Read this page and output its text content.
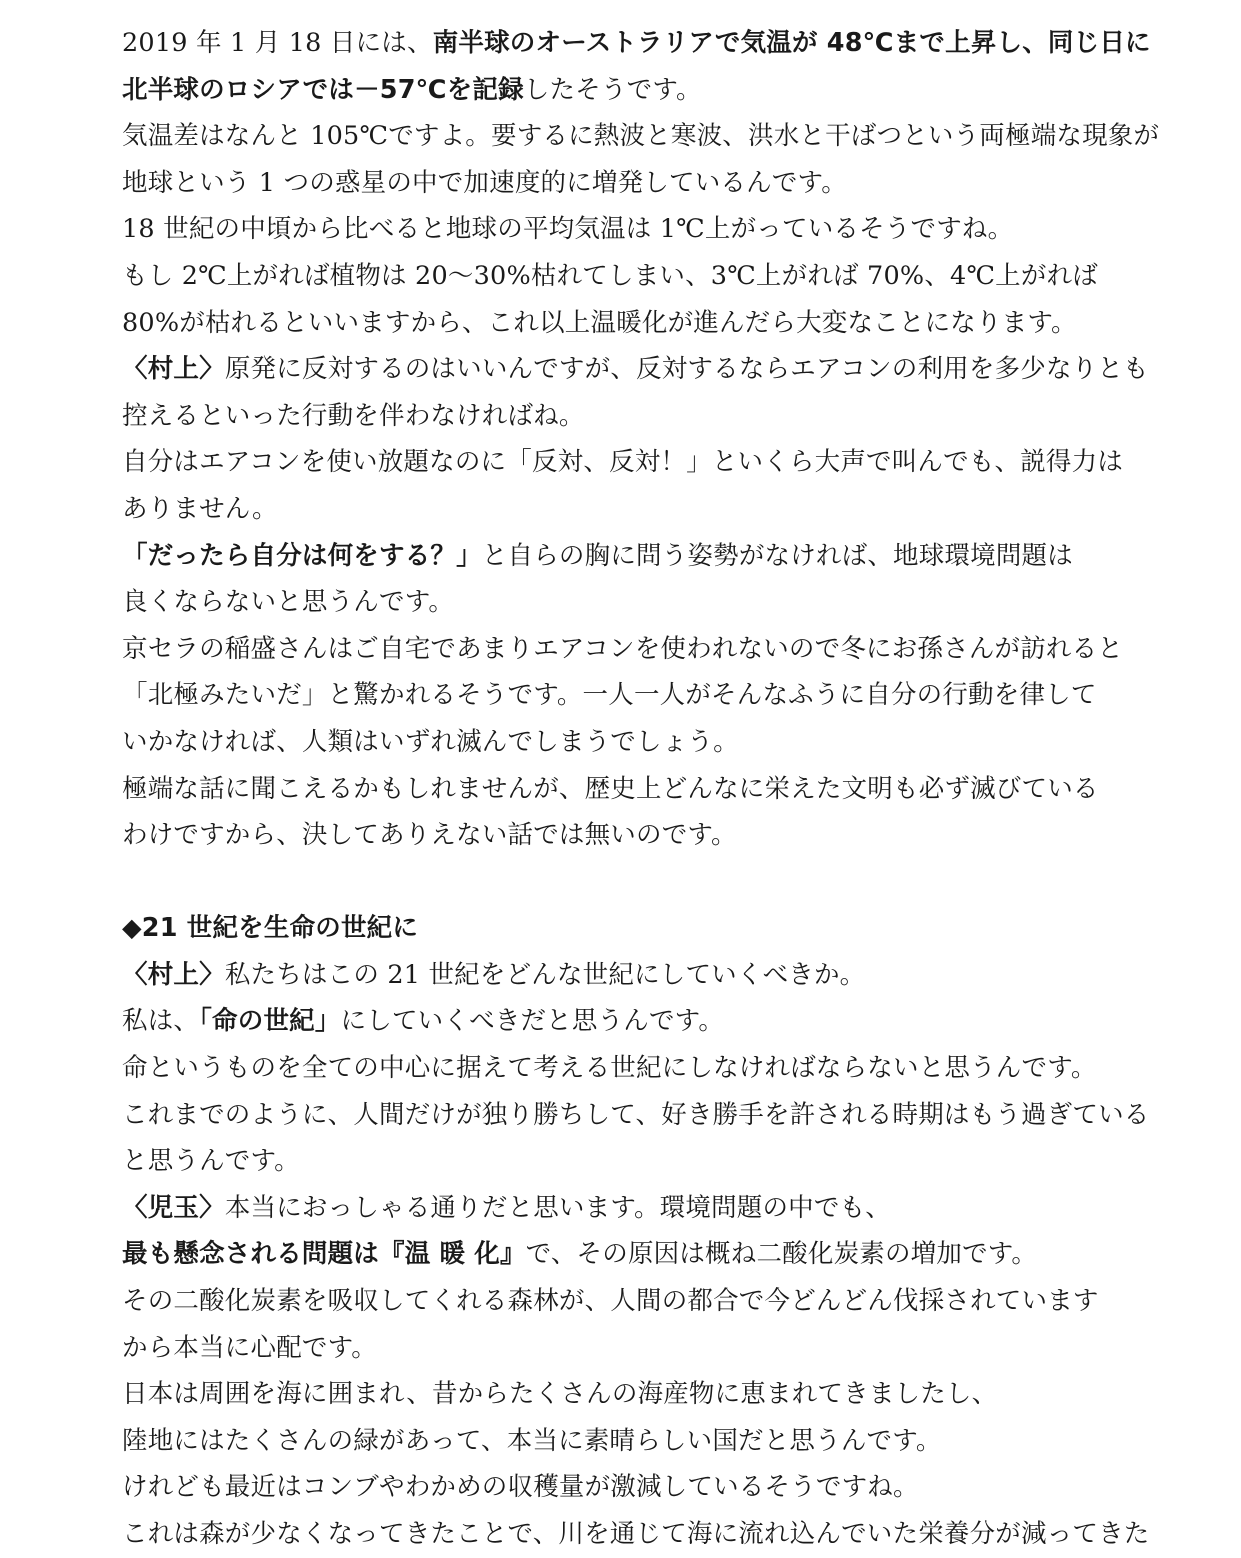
2019 年 1 月 18 日には、南半球のオーストラリアで気温が 48℃まで上昇し、同じ日に
北半球のロシアでは－57℃を記録したそうです。
気温差はなんと 105℃ですよ。要するに熱波と寒波、洪水と干ばつという両極端な現象が
地球という 1 つの惑星の中で加速度的に増発しているんです。
18 世紀の中頃から比べると地球の平均気温は 1℃上がっているそうですね。
もし 2℃上がれば植物は 20～30%枯れてしまい、3℃上がれば 70%、4℃上がれば
80%が枯れるといいますから、これ以上温暖化が進んだら大変なことになります。
〈村上〉原発に反対するのはいいんですが、反対するならエアコンの利用を多少なりとも
控えるといった行動を伴わなければね。
自分はエアコンを使い放題なのに「反対、反対！」といくら大声で叫んでも、説得力は
ありません。
「だったら自分は何をする？」と自らの胸に問う姿勢がなければ、地球環境問題は
良くならないと思うんです。
京セラの稲盛さんはご自宅であまりエアコンを使われないので冬にお孫さんが訪れると
「北極みたいだ」と驚かれるそうです。一人一人がそんなふうに自分の行動を律して
いかなければ、人類はいずれ滅んでしまうでしょう。
極端な話に聞こえるかもしれませんが、歴史上どんなに栄えた文明も必ず滅びている
わけですから、決してありえない話では無いのです。
◆21 世紀を生命の世紀に
〈村上〉私たちはこの 21 世紀をどんな世紀にしていくべきか。
私は、「命の世紀」にしていくべきだと思うんです。
命というものを全ての中心に据えて考える世紀にしなければならないと思うんです。
これまでのように、人間だけが独り勝ちして、好き勝手を許される時期はもう過ぎている
と思うんです。
〈児玉〉本当におっしゃる通りだと思います。環境問題の中でも、
最も懸念される問題は『温 暖 化』で、その原因は概ね二酸化炭素の増加です。
その二酸化炭素を吸収してくれる森林が、人間の都合で今どんどん伐採されています
から本当に心配です。
日本は周囲を海に囲まれ、昔からたくさんの海産物に恵まれてきましたし、
陸地にはたくさんの緑があって、本当に素晴らしい国だと思うんです。
けれども最近はコンブやわかめの収穫量が激減しているそうですね。
これは森が少なくなってきたことで、川を通じて海に流れ込んでいた栄養分が減ってきた
